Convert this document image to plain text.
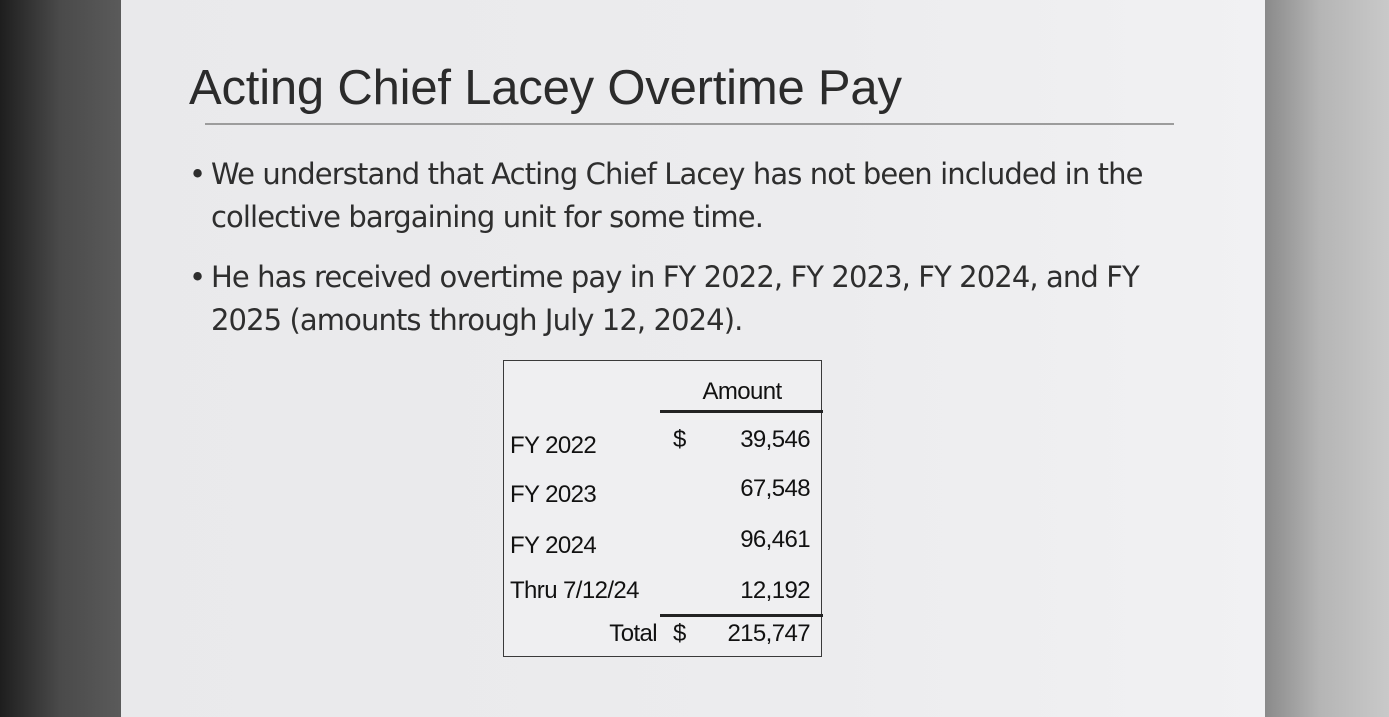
Acting Chief Lacey Overtime Pay
• We understand that Acting Chief Lacey has not been included in the collective bargaining unit for some time.
• He has received overtime pay in FY 2022, FY 2023, FY 2024, and FY 2025 (amounts through July 12, 2024).
Amount
FY 2022	$ 39,546
FY 2023	67,548
FY 2024	96,461
Thru 7/12/24	12,192
Total $ 215,747
